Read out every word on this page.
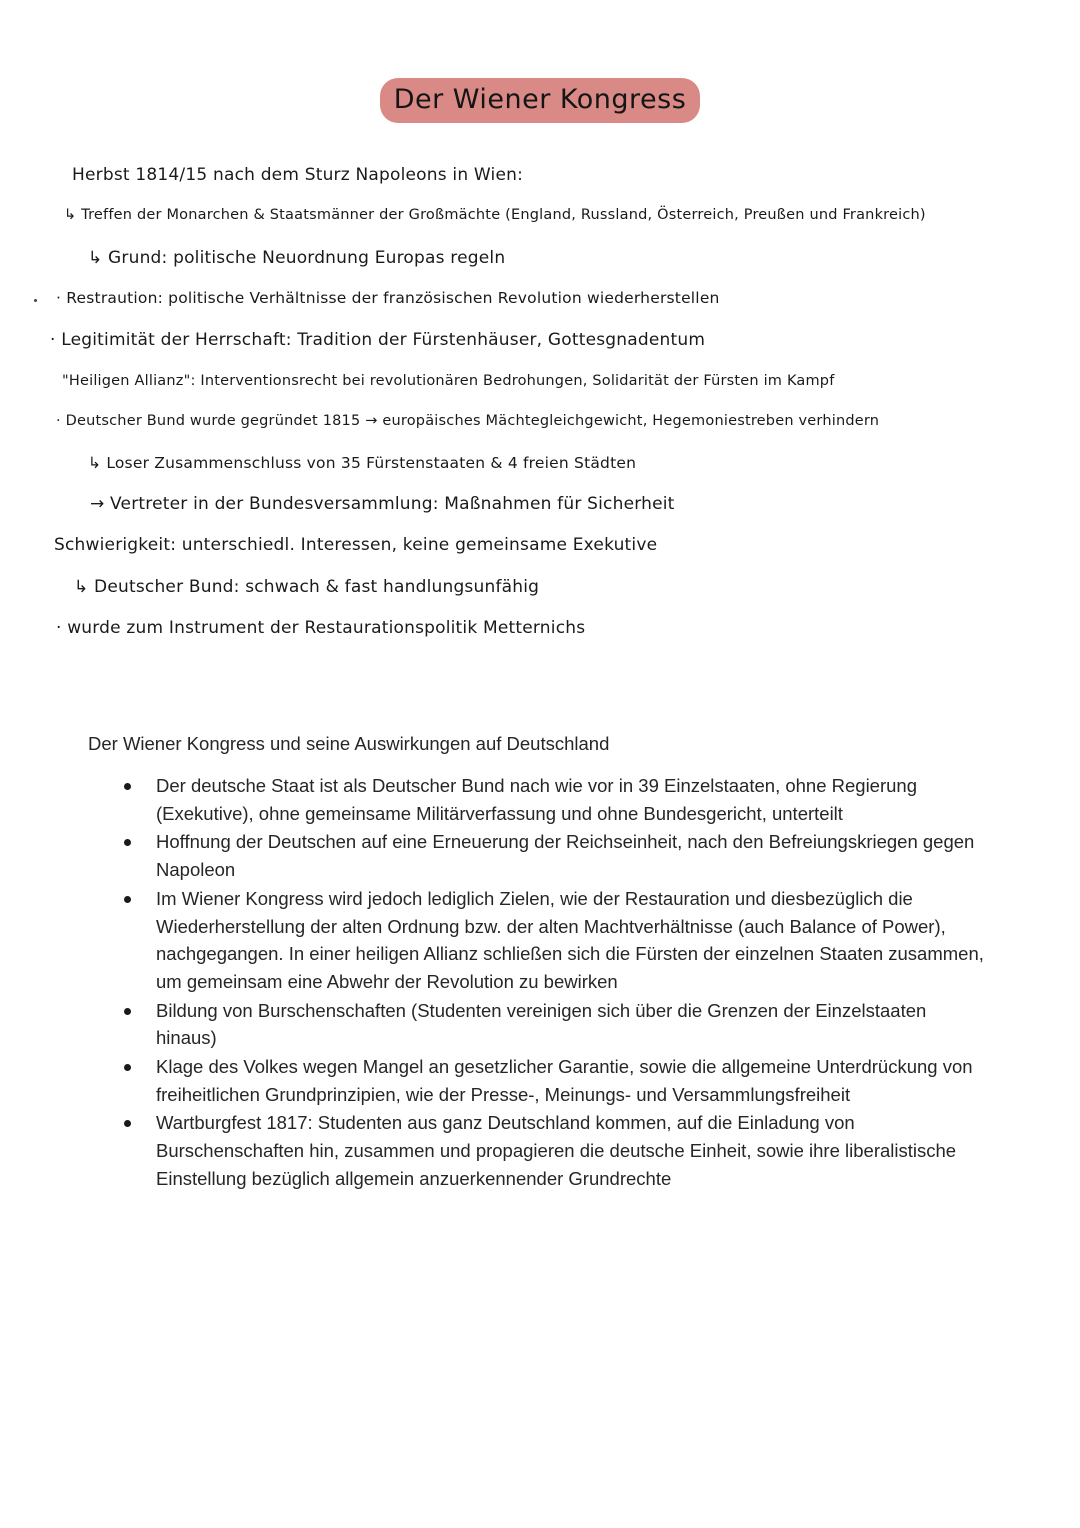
Der Wiener Kongress
Herbst 1814/15 nach dem Sturz Napoleons in Wien:
↳ Treffen der Monarchen & Staatsmänner der Großmächte (England, Russland, Österreich, Preußen und Frankreich)
↳ Grund: politische Neuordnung Europas regeln
· Restraution: politische Verhältnisse der französischen Revolution wiederherstellen
· Legitimität der Herrschaft: Tradition der Fürstenhäuser, Gottesgnadentum
"Heiligen Allianz": Interventionsrecht bei revolutionären Bedrohungen, Solidarität der Fürsten im Kampf
· Deutscher Bund wurde gegründet 1815 → europäisches Mächtegleichgewicht, Hegemoniestreben verhindern
↳ Loser Zusammenschluss von 35 Fürstenstaaten & 4 freien Städten
→ Vertreter in der Bundesversammlung: Maßnahmen für Sicherheit
Schwierigkeit: unterschiedl. Interessen, keine gemeinsame Exekutive
↳ Deutscher Bund: schwach & fast handlungsunfähig
· wurde zum Instrument der Restaurationspolitik Metternichs
Der Wiener Kongress und seine Auswirkungen auf Deutschland
Der deutsche Staat ist als Deutscher Bund nach wie vor in 39 Einzelstaaten, ohne Regierung (Exekutive), ohne gemeinsame Militärverfassung und ohne Bundesgericht, unterteilt
Hoffnung der Deutschen auf eine Erneuerung der Reichseinheit, nach den Befreiungskriegen gegen Napoleon
Im Wiener Kongress wird jedoch lediglich Zielen, wie der Restauration und diesbezüglich die Wiederherstellung der alten Ordnung bzw. der alten Machtverhältnisse (auch Balance of Power), nachgegangen. In einer heiligen Allianz schließen sich die Fürsten der einzelnen Staaten zusammen, um gemeinsam eine Abwehr der Revolution zu bewirken
Bildung von Burschenschaften (Studenten vereinigen sich über die Grenzen der Einzelstaaten hinaus)
Klage des Volkes wegen Mangel an gesetzlicher Garantie, sowie die allgemeine Unterdrückung von freiheitlichen Grundprinzipien, wie der Presse-, Meinungs- und Versammlungsfreiheit
Wartburgfest 1817: Studenten aus ganz Deutschland kommen, auf die Einladung von Burschenschaften hin, zusammen und propagieren die deutsche Einheit, sowie ihre liberalistische Einstellung bezüglich allgemein anzuerkennender Grundrechte
